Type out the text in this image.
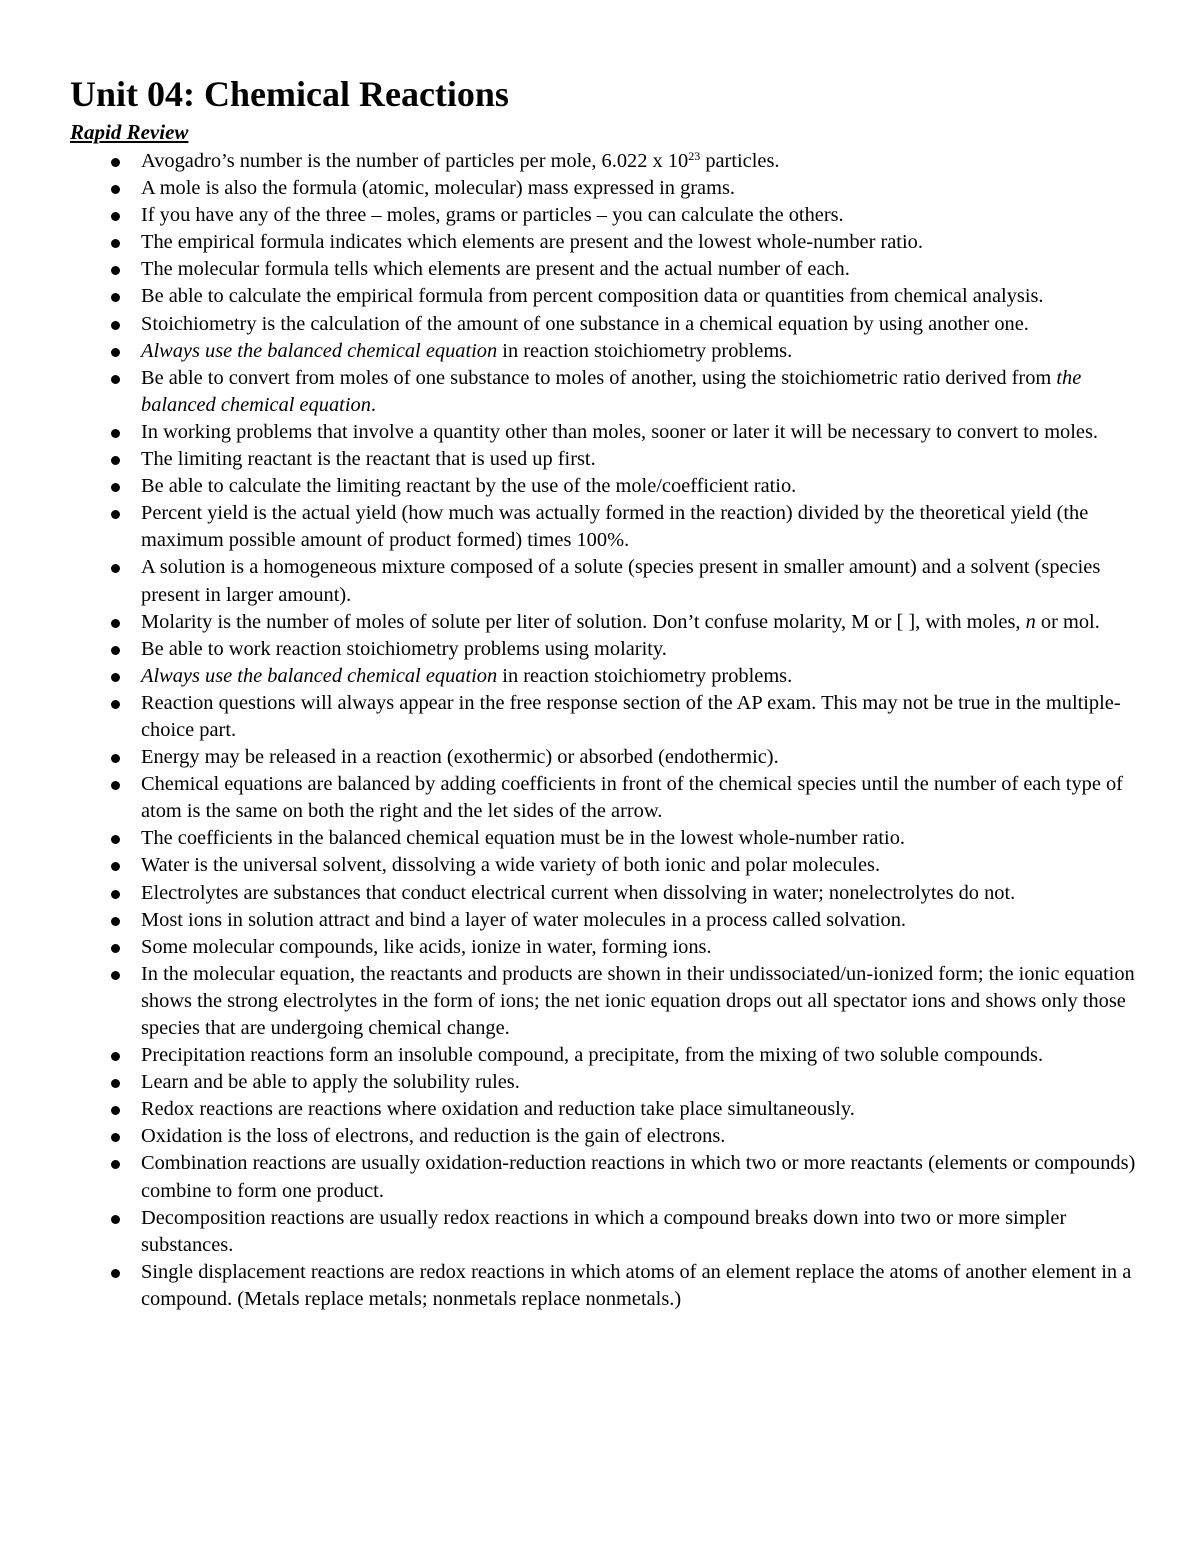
Unit 04: Chemical Reactions
Rapid Review
Avogadro’s number is the number of particles per mole, 6.022 x $10^{23}$ particles.
A mole is also the formula (atomic, molecular) mass expressed in grams.
If you have any of the three – moles, grams or particles – you can calculate the others.
The empirical formula indicates which elements are present and the lowest whole-number ratio.
The molecular formula tells which elements are present and the actual number of each.
Be able to calculate the empirical formula from percent composition data or quantities from chemical analysis.
Stoichiometry is the calculation of the amount of one substance in a chemical equation by using another one.
Always use the balanced chemical equation in reaction stoichiometry problems.
Be able to convert from moles of one substance to moles of another, using the stoichiometric ratio derived from the balanced chemical equation.
In working problems that involve a quantity other than moles, sooner or later it will be necessary to convert to moles.
The limiting reactant is the reactant that is used up first.
Be able to calculate the limiting reactant by the use of the mole/coefficient ratio.
Percent yield is the actual yield (how much was actually formed in the reaction) divided by the theoretical yield (the maximum possible amount of product formed) times 100%.
A solution is a homogeneous mixture composed of a solute (species present in smaller amount) and a solvent (species present in larger amount).
Molarity is the number of moles of solute per liter of solution. Don’t confuse molarity, M or [ ], with moles, n or mol.
Be able to work reaction stoichiometry problems using molarity.
Always use the balanced chemical equation in reaction stoichiometry problems.
Reaction questions will always appear in the free response section of the AP exam. This may not be true in the multiple-choice part.
Energy may be released in a reaction (exothermic) or absorbed (endothermic).
Chemical equations are balanced by adding coefficients in front of the chemical species until the number of each type of atom is the same on both the right and the let sides of the arrow.
The coefficients in the balanced chemical equation must be in the lowest whole-number ratio.
Water is the universal solvent, dissolving a wide variety of both ionic and polar molecules.
Electrolytes are substances that conduct electrical current when dissolving in water; nonelectrolytes do not.
Most ions in solution attract and bind a layer of water molecules in a process called solvation.
Some molecular compounds, like acids, ionize in water, forming ions.
In the molecular equation, the reactants and products are shown in their undissociated/un-ionized form; the ionic equation shows the strong electrolytes in the form of ions; the net ionic equation drops out all spectator ions and shows only those species that are undergoing chemical change.
Precipitation reactions form an insoluble compound, a precipitate, from the mixing of two soluble compounds.
Learn and be able to apply the solubility rules.
Redox reactions are reactions where oxidation and reduction take place simultaneously.
Oxidation is the loss of electrons, and reduction is the gain of electrons.
Combination reactions are usually oxidation-reduction reactions in which two or more reactants (elements or compounds) combine to form one product.
Decomposition reactions are usually redox reactions in which a compound breaks down into two or more simpler substances.
Single displacement reactions are redox reactions in which atoms of an element replace the atoms of another element in a compound. (Metals replace metals; nonmetals replace nonmetals.)
